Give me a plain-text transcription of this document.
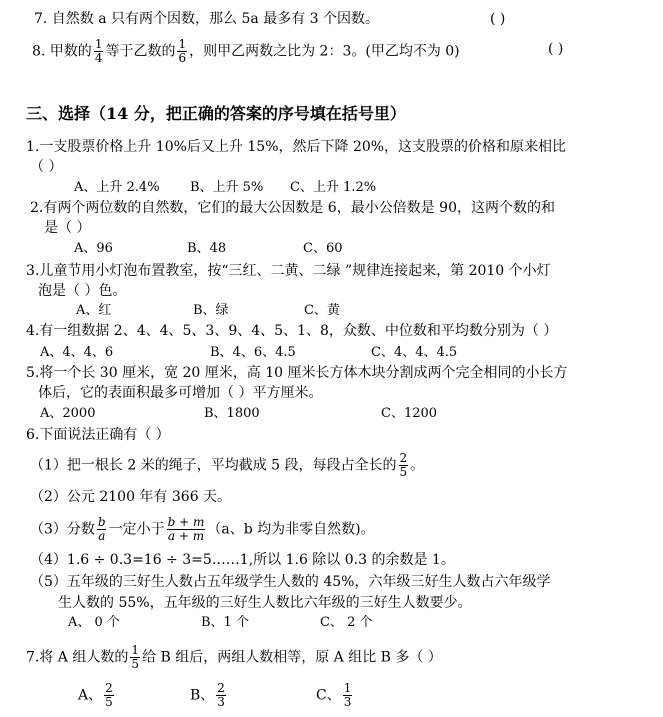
7. 自然数 a 只有两个因数，那么 5a 最多有 3 个因数。	( )
8. 甲数的 $\frac{1}{4}$ 等于乙数的 $\frac{1}{6}$ ，则甲乙两数之比为 2：3。(甲乙均不为 0)	( )
三、选择（14 分，把正确的答案的序号填在括号里）
1.一支股票价格上升 10%后又上升 15%，然后下降 20%，这支股票的价格和原来相比
（ ）
A、上升 2.4% B、上升 5% C、上升 1.2%
2.有两个两位数的自然数，它们的最大公因数是 6，最小公倍数是 90，这两个数的和
是（ ）
A、96	B、48	C、60
3.儿童节用小灯泡布置教室，按“三红、二黄、二绿 ”规律连接起来，第 2010 个小灯
泡是（ ）色。
A、红	B、绿	C、黄
4.有一组数据 2、4、4、5、3、9、4、5、1、8，众数、中位数和平均数分别为（ ）
A、4、4、6	B、4、6、4.5	C、4、4、4.5
5.将一个长 30 厘米，宽 20 厘米，高 10 厘米长方体木块分割成两个完全相同的小长方
体后，它的表面积最多可增加（ ）平方厘米。
A、2000	B、1800	C、1200
6.下面说法正确有（ ）
（1）把一根长 2 米的绳子，平均截成 5 段，每段占全长的 $\frac{2}{5}$ 。
（2）公元 2100 年有 366 天。
（3）分数 $\frac{b}{a}$ 一定小于 $\frac{b + m}{a + m} (a$、b 均为非零自然数)。
（4）1.6 ÷ 0.3=16 ÷ 3=5……1,所以 1.6 除以 0.3 的余数是 1。
（5）五年级的三好生人数占五年级学生人数的 45%，六年级三好生人数占六年级学
生人数的 55%，五年级的三好生人数比六年级的三好生人数要少。
A、 0 个	B、1 个	C、 2 个
7.将 A 组人数的 $\frac{1}{5}$ 给 B 组后，两组人数相等，原 A 组比 B 多（ ）
A、 $\frac{2}{5}$	B、 $\frac{2}{3}$	C、 $\frac{1}{3}$
